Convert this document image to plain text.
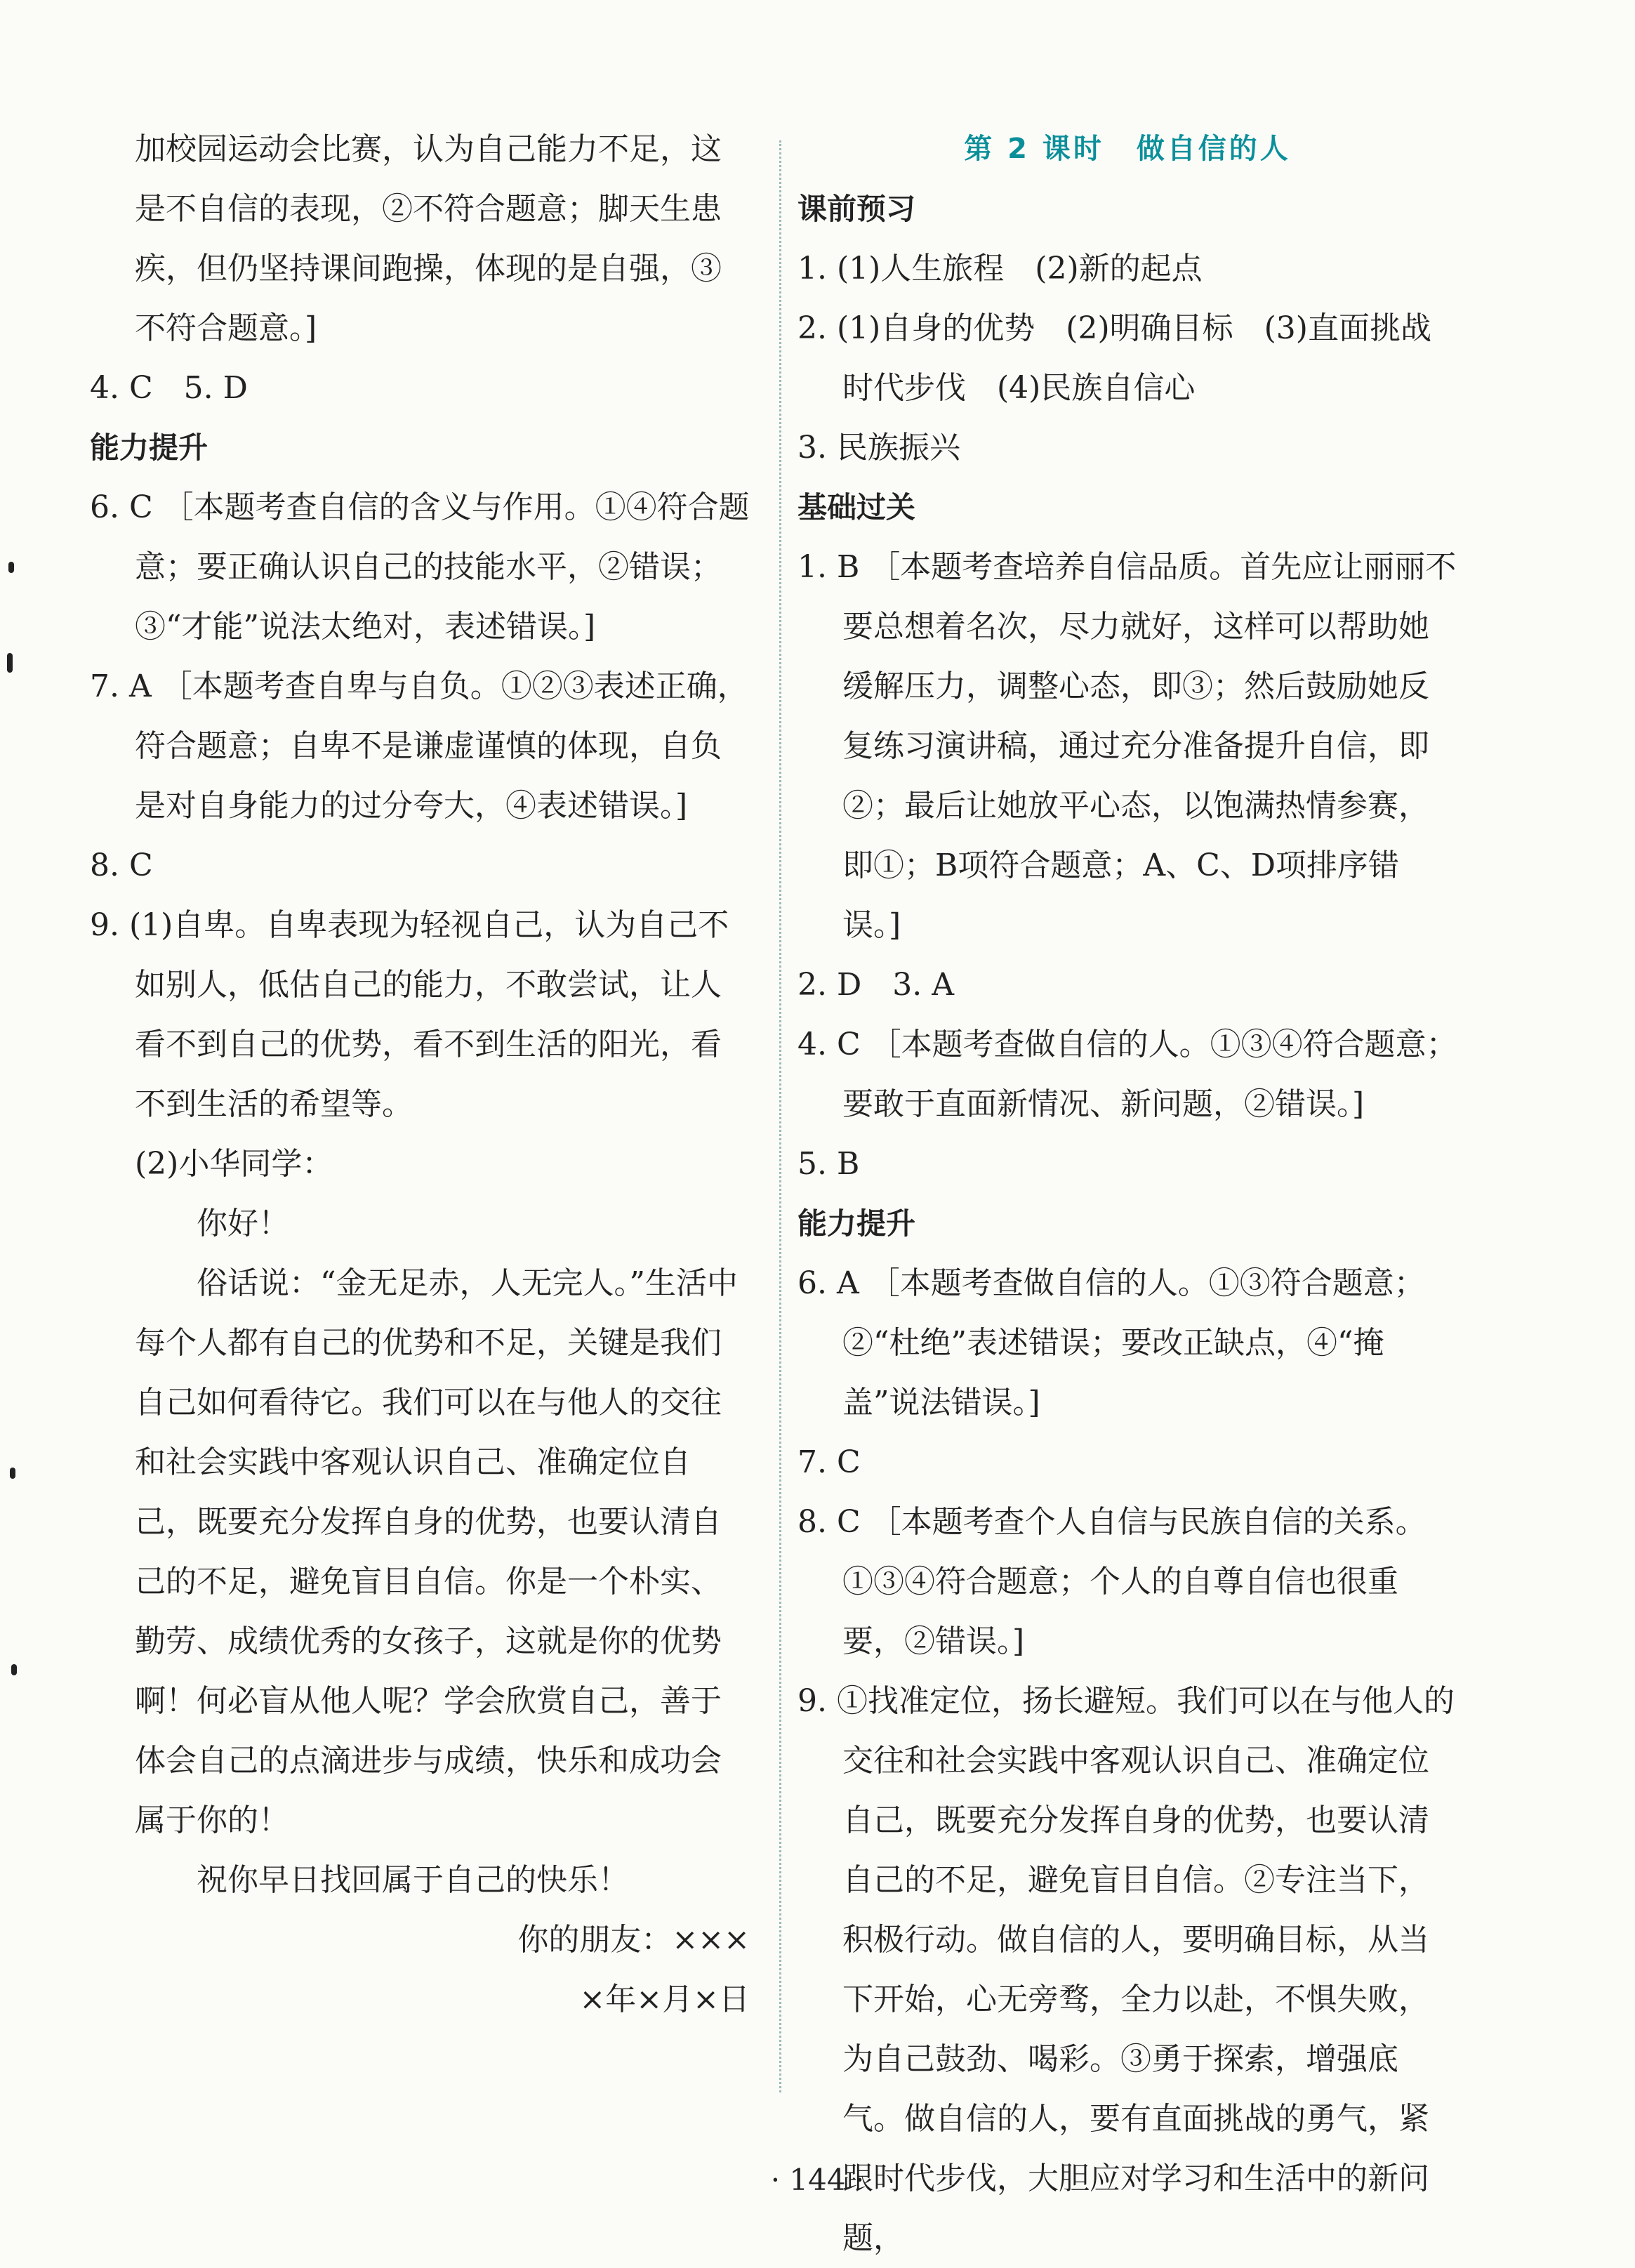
加校园运动会比赛，认为自己能力不足，这是不自信的表现，②不符合题意；脚天生患疾，但仍坚持课间跑操，体现的是自强，③不符合题意。]

4. C　5. D

能力提升

6. C ［本题考查自信的含义与作用。①④符合题意；要正确认识自己的技能水平，②错误；③“才能”说法太绝对，表述错误。]

7. A ［本题考查自卑与自负。①②③表述正确，符合题意；自卑不是谦虚谨慎的体现，自负是对自身能力的过分夸大，④表述错误。]

8. C

9. (1)自卑。自卑表现为轻视自己，认为自己不如别人，低估自己的能力，不敢尝试，让人看不到自己的优势，看不到生活的阳光，看不到生活的希望等。

(2)小华同学：

你好！

俗话说：“金无足赤，人无完人。”生活中每个人都有自己的优势和不足，关键是我们自己如何看待它。我们可以在与他人的交往和社会实践中客观认识自己、准确定位自己，既要充分发挥自身的优势，也要认清自己的不足，避免盲目自信。你是一个朴实、勤劳、成绩优秀的女孩子，这就是你的优势啊！何必盲从他人呢？学会欣赏自己，善于体会自己的点滴进步与成绩，快乐和成功会属于你的！

祝你早日找回属于自己的快乐！

你的朋友：×××

×年×月×日

第 2 课时 做自信的人

课前预习

1. (1)人生旅程　(2)新的起点

2. (1)自身的优势　(2)明确目标　(3)直面挑战　时代步伐　(4)民族自信心

3. 民族振兴

基础过关

1. B ［本题考查培养自信品质。首先应让丽丽不要总想着名次，尽力就好，这样可以帮助她缓解压力，调整心态，即③；然后鼓励她反复练习演讲稿，通过充分准备提升自信，即②；最后让她放平心态，以饱满热情参赛，即①；B项符合题意；A、C、D项排序错误。]

2. D　3. A

4. C ［本题考查做自信的人。①③④符合题意；要敢于直面新情况、新问题，②错误。]

5. B

能力提升

6. A ［本题考查做自信的人。①③符合题意；②“杜绝”表述错误；要改正缺点，④“掩盖”说法错误。]

7. C

8. C ［本题考查个人自信与民族自信的关系。①③④符合题意；个人的自尊自信也很重要，②错误。]

9. ①找准定位，扬长避短。我们可以在与他人的交往和社会实践中客观认识自己、准确定位自己，既要充分发挥自身的优势，也要认清自己的不足，避免盲目自信。②专注当下，积极行动。做自信的人，要明确目标，从当下开始，心无旁骛，全力以赴，不惧失败，为自己鼓劲、喝彩。③勇于探索，增强底气。做自信的人，要有直面挑战的勇气，紧跟时代步伐，大胆应对学习和生活中的新问题，

· 144 ·
